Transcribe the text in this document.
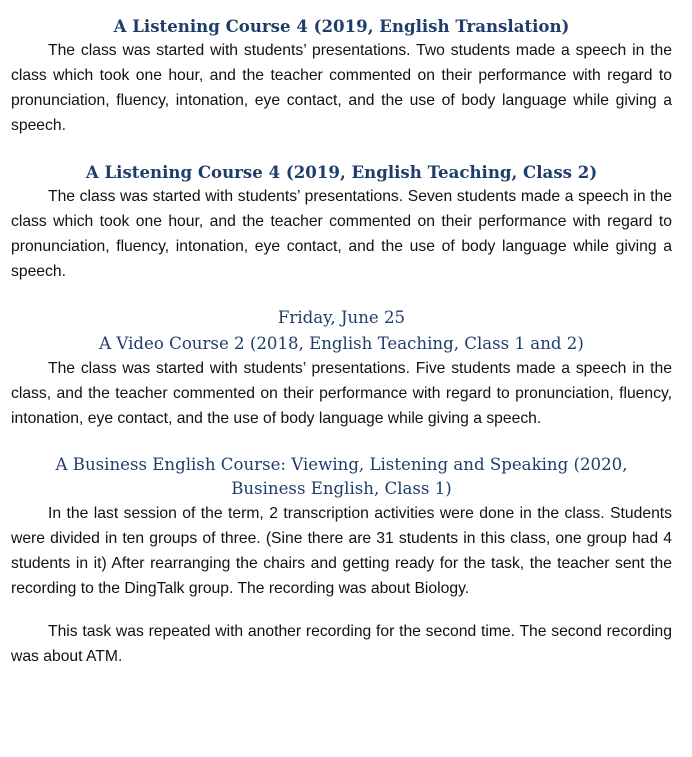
A Listening Course 4 (2019, English Translation)

The class was started with students’ presentations. Two students made a speech in the class which took one hour, and the teacher commented on their performance with regard to pronunciation, fluency, intonation, eye contact, and the use of body language while giving a speech.

A Listening Course 4 (2019, English Teaching, Class 2)

The class was started with students’ presentations. Seven students made a speech in the class which took one hour, and the teacher commented on their performance with regard to pronunciation, fluency, intonation, eye contact, and the use of body language while giving a speech.

Friday, June 25
A Video Course 2 (2018, English Teaching, Class 1 and 2)

The class was started with students’ presentations. Five students made a speech in the class, and the teacher commented on their performance with regard to pronunciation, fluency, intonation, eye contact, and the use of body language while giving a speech.

A Business English Course: Viewing, Listening and Speaking (2020, Business English, Class 1)

In the last session of the term, 2 transcription activities were done in the class. Students were divided in ten groups of three. (Sine there are 31 students in this class, one group had 4 students in it) After rearranging the chairs and getting ready for the task, the teacher sent the recording to the DingTalk group. The recording was about Biology.

This task was repeated with another recording for the second time. The second recording was about ATM.
